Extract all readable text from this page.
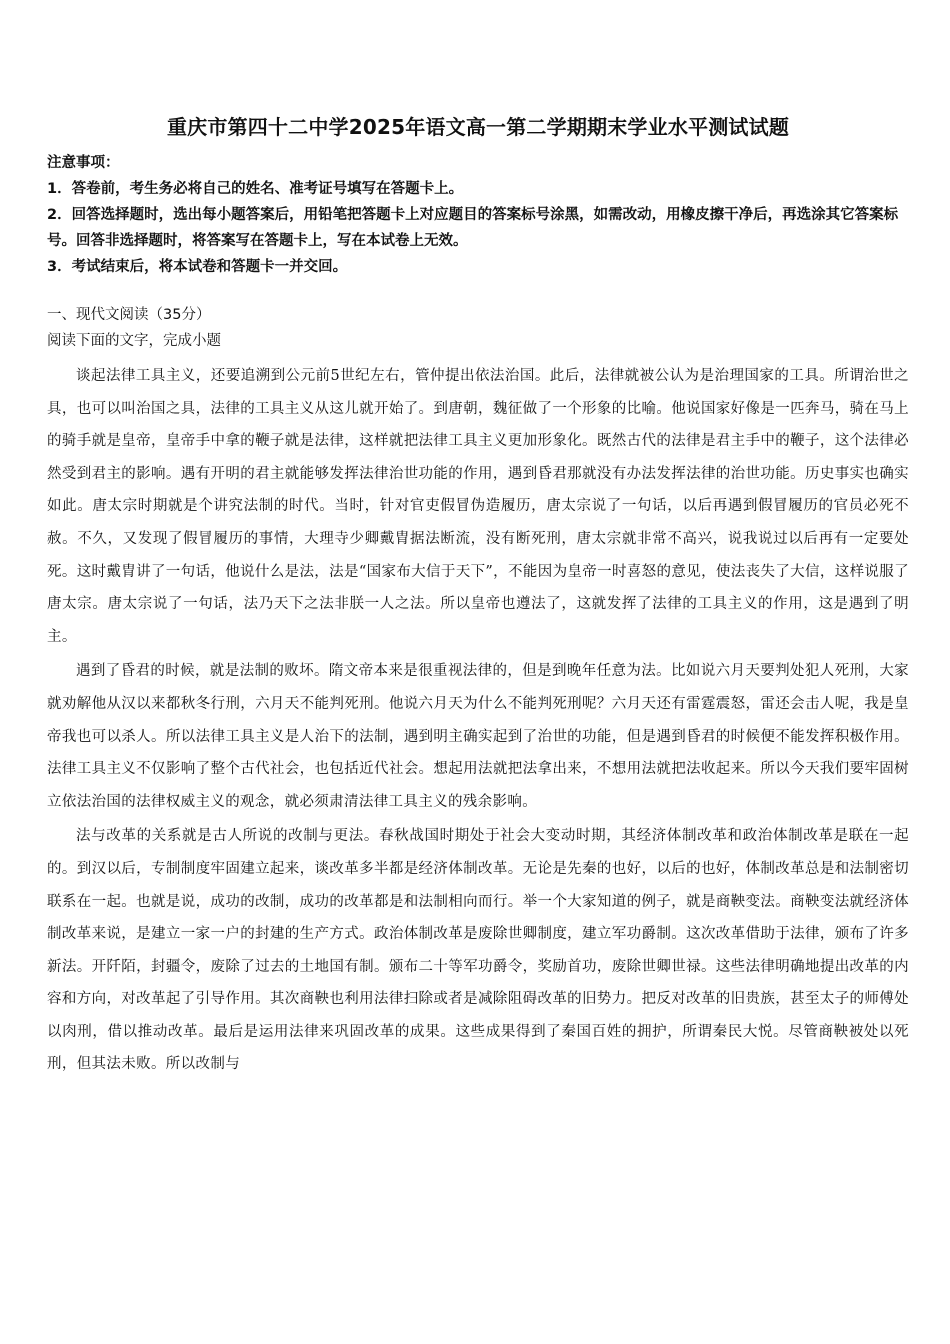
重庆市第四十二中学2025年语文高一第二学期期末学业水平测试试题

注意事项：

1．答卷前，考生务必将自己的姓名、准考证号填写在答题卡上。

2．回答选择题时，选出每小题答案后，用铅笔把答题卡上对应题目的答案标号涂黑，如需改动，用橡皮擦干净后，再选涂其它答案标号。回答非选择题时，将答案写在答题卡上，写在本试卷上无效。

3．考试结束后，将本试卷和答题卡一并交回。

一、现代文阅读（35分）

阅读下面的文字，完成小题

谈起法律工具主义，还要追溯到公元前5世纪左右，管仲提出依法治国。此后，法律就被公认为是治理国家的工具。所谓治世之具，也可以叫治国之具，法律的工具主义从这儿就开始了。到唐朝，魏征做了一个形象的比喻。他说国家好像是一匹奔马，骑在马上的骑手就是皇帝，皇帝手中拿的鞭子就是法律，这样就把法律工具主义更加形象化。既然古代的法律是君主手中的鞭子，这个法律必然受到君主的影响。遇有开明的君主就能够发挥法律治世功能的作用，遇到昏君那就没有办法发挥法律的治世功能。历史事实也确实如此。唐太宗时期就是个讲究法制的时代。当时，针对官吏假冒伪造履历，唐太宗说了一句话，以后再遇到假冒履历的官员必死不赦。不久，又发现了假冒履历的事情，大理寺少卿戴胄据法断流，没有断死刑，唐太宗就非常不高兴，说我说过以后再有一定要处死。这时戴胄讲了一句话，他说什么是法，法是“国家布大信于天下”，不能因为皇帝一时喜怒的意见，使法丧失了大信，这样说服了唐太宗。唐太宗说了一句话，法乃天下之法非朕一人之法。所以皇帝也遵法了，这就发挥了法律的工具主义的作用，这是遇到了明主。

遇到了昏君的时候，就是法制的败坏。隋文帝本来是很重视法律的，但是到晚年任意为法。比如说六月天要判处犯人死刑，大家就劝解他从汉以来都秋冬行刑，六月天不能判死刑。他说六月天为什么不能判死刑呢？六月天还有雷霆震怒，雷还会击人呢，我是皇帝我也可以杀人。所以法律工具主义是人治下的法制，遇到明主确实起到了治世的功能，但是遇到昏君的时候便不能发挥积极作用。法律工具主义不仅影响了整个古代社会，也包括近代社会。想起用法就把法拿出来，不想用法就把法收起来。所以今天我们要牢固树立依法治国的法律权威主义的观念，就必须肃清法律工具主义的残余影响。

法与改革的关系就是古人所说的改制与更法。春秋战国时期处于社会大变动时期，其经济体制改革和政治体制改革是联在一起的。到汉以后，专制制度牢固建立起来，谈改革多半都是经济体制改革。无论是先秦的也好，以后的也好，体制改革总是和法制密切联系在一起。也就是说，成功的改制，成功的改革都是和法制相向而行。举一个大家知道的例子，就是商鞅变法。商鞅变法就经济体制改革来说，是建立一家一户的封建的生产方式。政治体制改革是废除世卿制度，建立军功爵制。这次改革借助于法律，颁布了许多新法。开阡陌，封疆令，废除了过去的土地国有制。颁布二十等军功爵令，奖励首功，废除世卿世禄。这些法律明确地提出改革的内容和方向，对改革起了引导作用。其次商鞅也利用法律扫除或者是减除阻碍改革的旧势力。把反对改革的旧贵族，甚至太子的师傅处以肉刑，借以推动改革。最后是运用法律来巩固改革的成果。这些成果得到了秦国百姓的拥护，所谓秦民大悦。尽管商鞅被处以死刑，但其法未败。所以改制与
